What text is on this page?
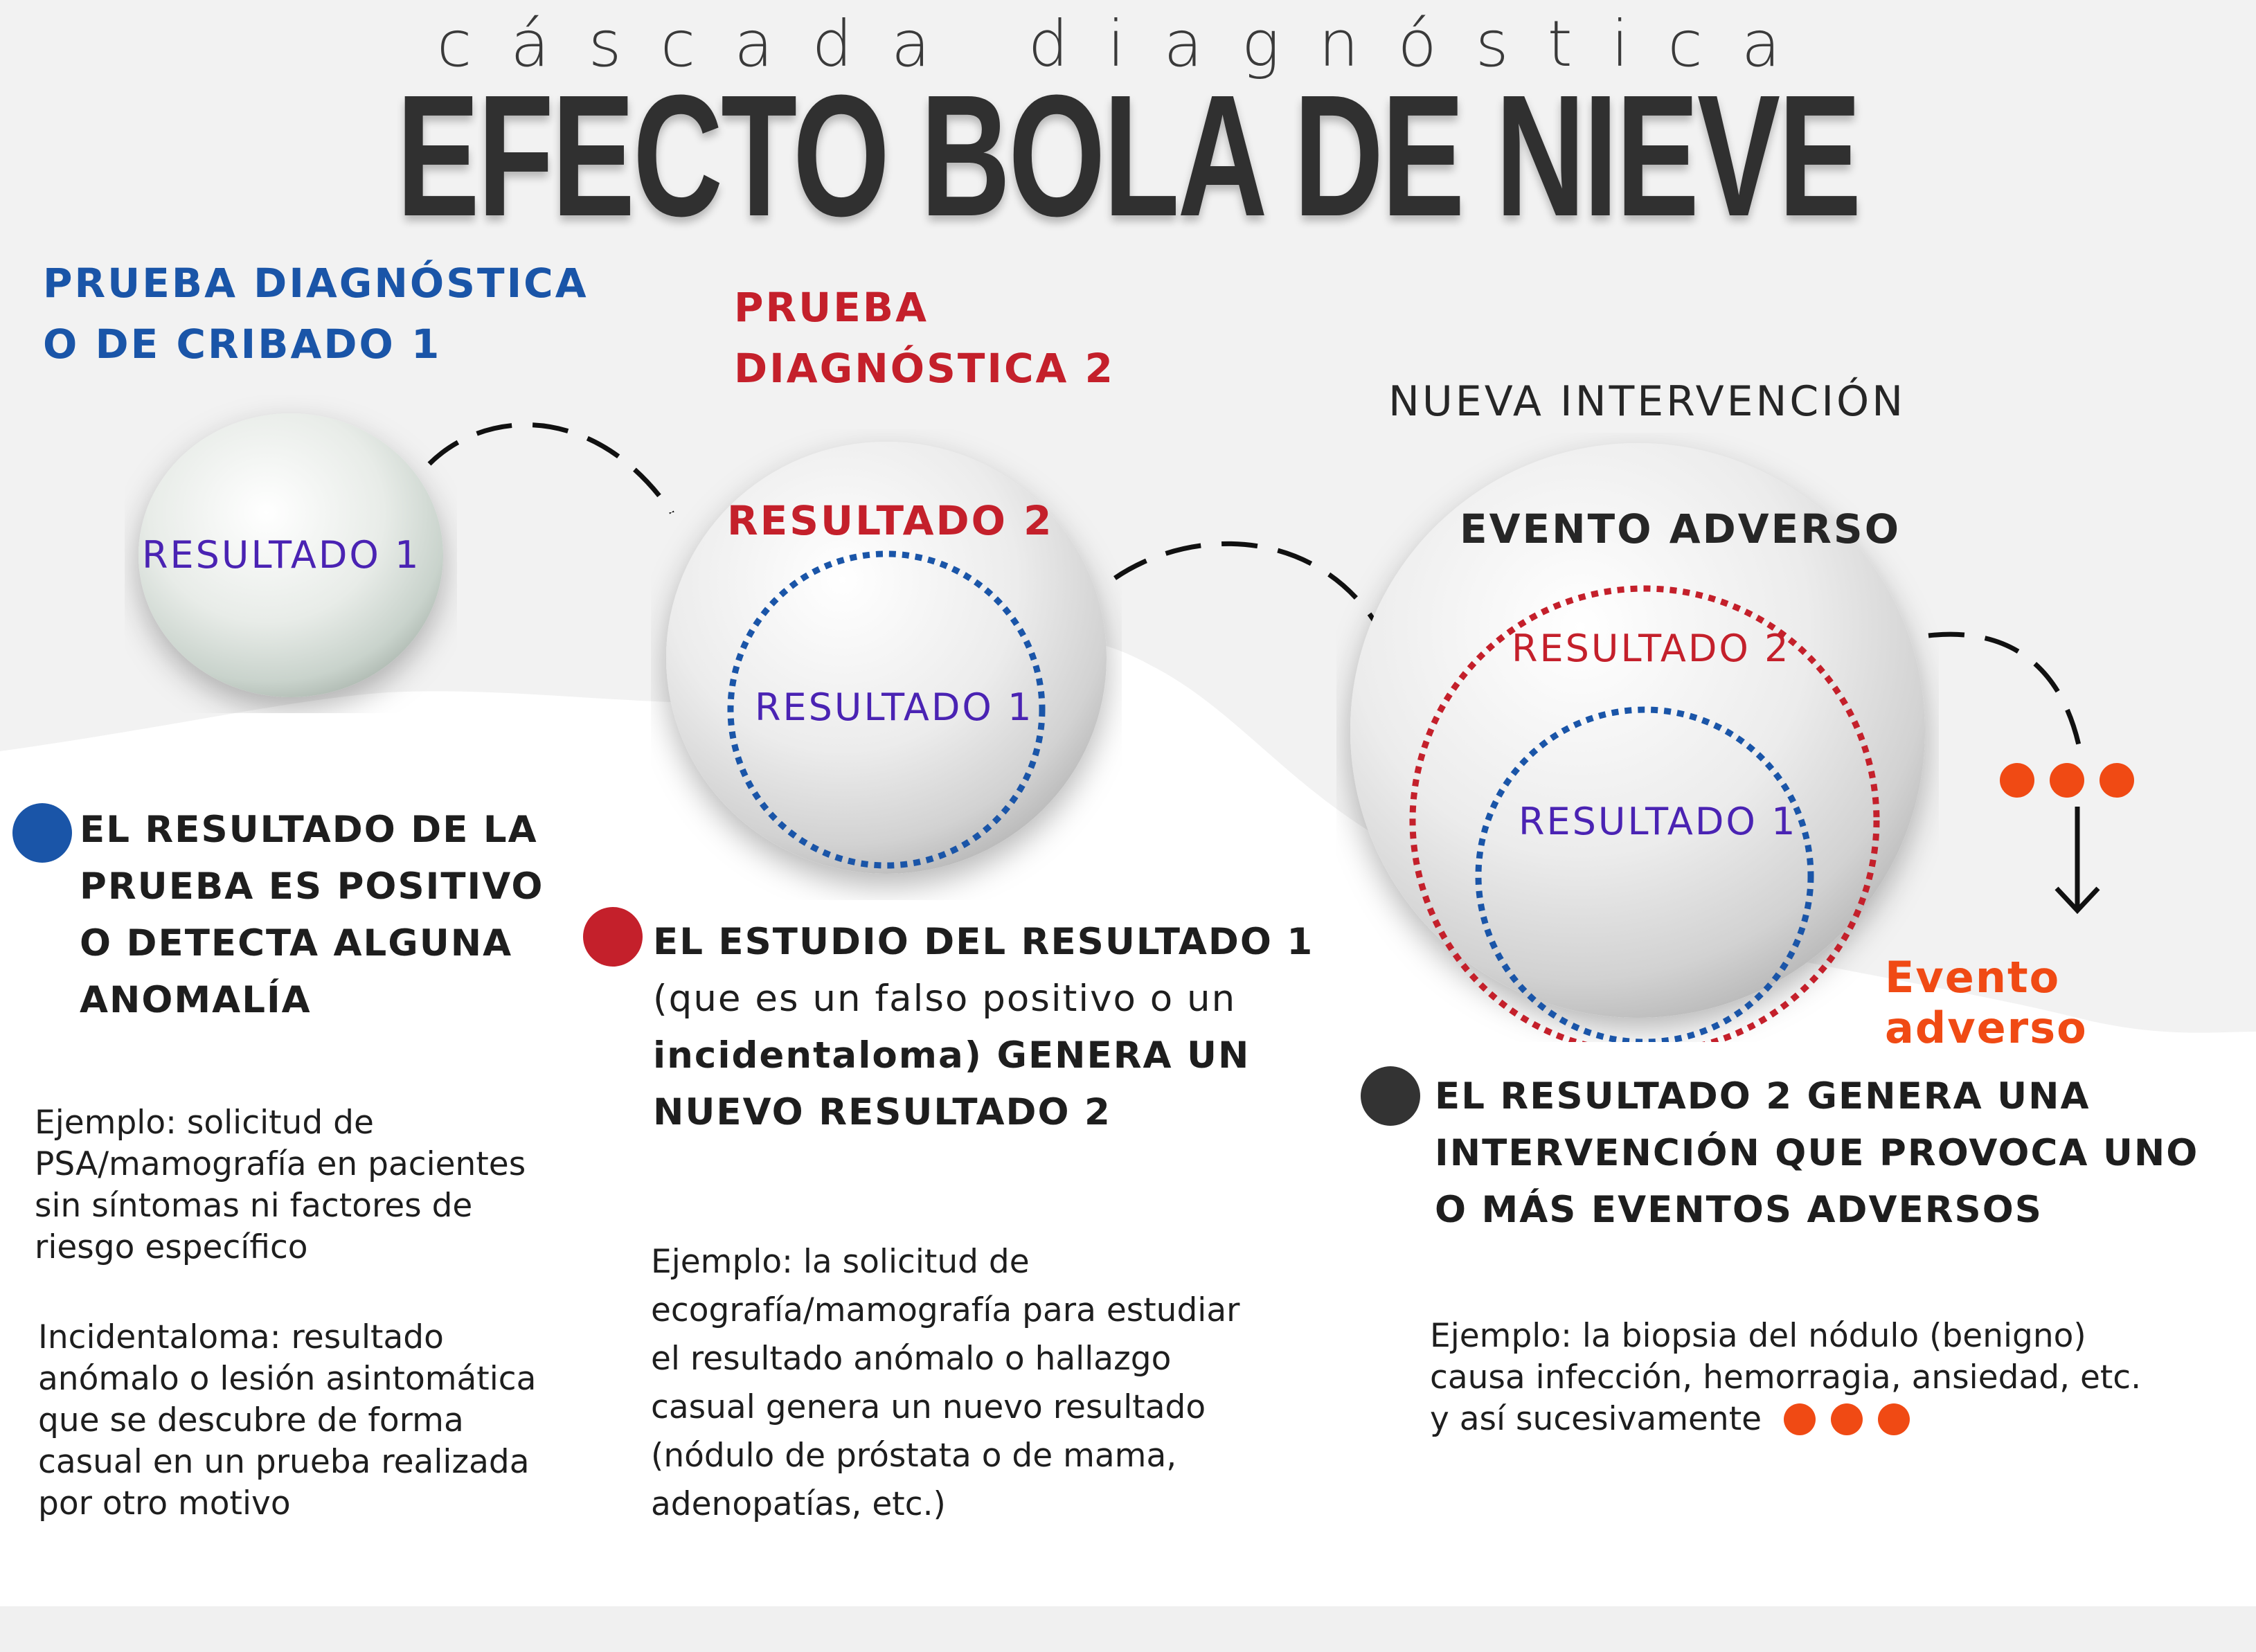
cáscada diagnóstica
EFECTO BOLA DE NIEVE
PRUEBA DIAGNÓSTICA
O DE CRIBADO 1
PRUEBA
DIAGNÓSTICA 2
NUEVA INTERVENCIÓN
RESULTADO 1
RESULTADO 2
RESULTADO 1
EVENTO ADVERSO
RESULTADO 2
RESULTADO 1
Evento adverso
EL RESULTADO DE LA
PRUEBA ES POSITIVO
O DETECTA ALGUNA
ANOMALÍA
Ejemplo: solicitud de
PSA/mamografía en pacientes
sin síntomas ni factores de
riesgo específico
Incidentaloma: resultado
anómalo o lesión asintomática
que se descubre de forma
casual en un prueba realizada
por otro motivo
EL ESTUDIO DEL RESULTADO 1
(que es un falso positivo o un
incidentaloma) GENERA UN
NUEVO RESULTADO 2
Ejemplo: la solicitud de
ecografía/mamografía para estudiar
el resultado anómalo o hallazgo
casual genera un nuevo resultado
(nódulo de próstata o de mama,
adenopatías, etc.)
EL RESULTADO 2 GENERA UNA
INTERVENCIÓN QUE PROVOCA UNO
O MÁS EVENTOS ADVERSOS
Ejemplo: la biopsia del nódulo (benigno)
causa infección, hemorragia, ansiedad, etc.
y así sucesivamente
